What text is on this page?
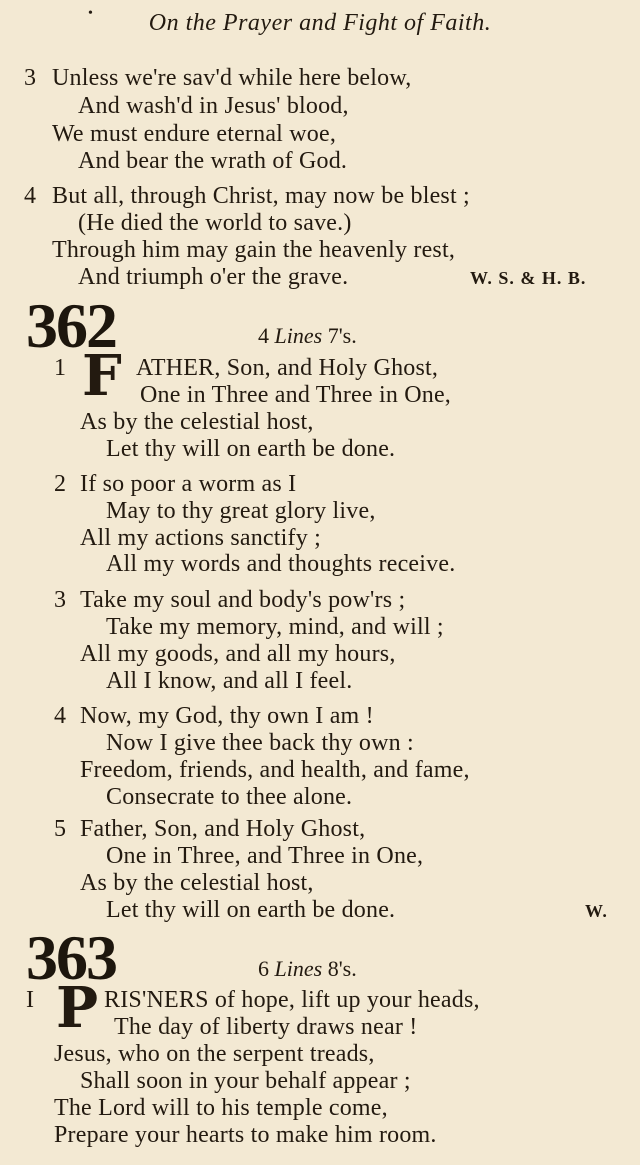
• On the Prayer and Fight of Faith.
3 Unless we're sav'd while here below,
And wash'd in Jesus' blood,
We must endure eternal woe,
And bear the wrath of God.
4 But all, through Christ, may now be blest ;
(He died the world to save.)
Through him may gain the heavenly rest,
And triumph o'er the grave.	W. S. & H. B.
362	4 Lines 7's.
1 F ATHER, Son, and Holy Ghost,
One in Three and Three in One,
As by the celestial host,
Let thy will on earth be done.
2 If so poor a worm as I
May to thy great glory live,
All my actions sanctify ;
All my words and thoughts receive.
3 Take my soul and body's pow'rs ;
Take my memory, mind, and will ;
All my goods, and all my hours,
All I know, and all I feel.
4 Now, my God, thy own I am !
Now I give thee back thy own :
Freedom, friends, and health, and fame,
Consecrate to thee alone.
5 Father, Son, and Holy Ghost,
One in Three, and Three in One,
As by the celestial host,
Let thy will on earth be done.	W.
363	6 Lines 8's.
I P RIS'NERS of hope, lift up your heads,
The day of liberty draws near !
Jesus, who on the serpent treads,
Shall soon in your behalf appear ;
The Lord will to his temple come,
Prepare your hearts to make him room.
